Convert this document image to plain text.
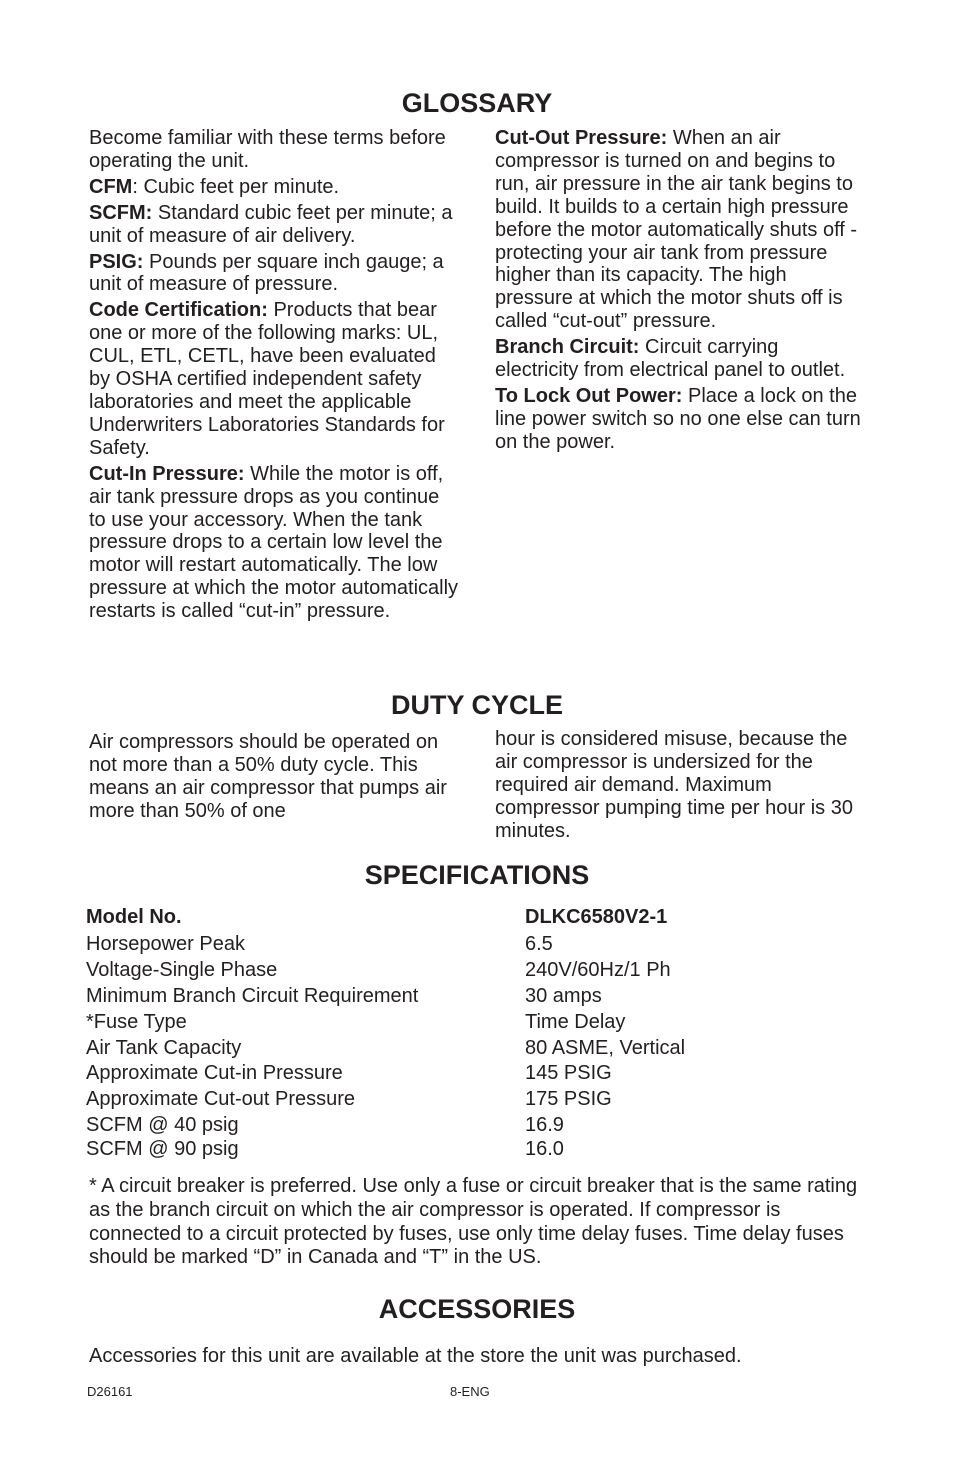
GLOSSARY

Become familiar with these terms before operating the unit.

CFM: Cubic feet per minute.

SCFM: Standard cubic feet per minute; a unit of measure of air delivery.

PSIG: Pounds per square inch gauge; a unit of measure of pressure.

Code Certification: Products that bear one or more of the following marks: UL, CUL, ETL, CETL, have been evaluated by OSHA certified independent safety laboratories and meet the applicable Underwriters Laboratories Standards for Safety.

Cut-In Pressure: While the motor is off, air tank pressure drops as you continue to use your accessory. When the tank pressure drops to a certain low level the motor will restart automatically. The low pressure at which the motor automatically restarts is called “cut-in” pressure.

Cut-Out Pressure: When an air compressor is turned on and begins to run, air pressure in the air tank begins to build. It builds to a certain high pressure before the motor automatically shuts off - protecting your air tank from pressure higher than its capacity. The high pressure at which the motor shuts off is called “cut-out” pressure.

Branch Circuit: Circuit carrying electricity from electrical panel to outlet.

To Lock Out Power: Place a lock on the line power switch so no one else can turn on the power.

DUTY CYCLE

Air compressors should be operated on not more than a 50% duty cycle. This means an air compressor that pumps air more than 50% of one

hour is considered misuse, because the air compressor is undersized for the required air demand. Maximum compressor pumping time per hour is 30 minutes.

SPECIFICATIONS
Model No.	DLKC6580V2-1
Horsepower Peak	6.5
Voltage-Single Phase	240V/60Hz/1 Ph
Minimum Branch Circuit Requirement	30 amps
*Fuse Type	Time Delay
Air Tank Capacity	80 ASME, Vertical
Approximate Cut-in Pressure	145 PSIG
Approximate Cut-out Pressure	175 PSIG
SCFM @ 40 psig	16.9
SCFM @ 90 psig	16.0

* A circuit breaker is preferred. Use only a fuse or circuit breaker that is the same rating as the branch circuit on which the air compressor is operated. If compressor is connected to a circuit protected by fuses, use only time delay fuses. Time delay fuses should be marked “D” in Canada and “T” in the US.

ACCESSORIES

Accessories for this unit are available at the store the unit was purchased.

D26161	8-ENG
